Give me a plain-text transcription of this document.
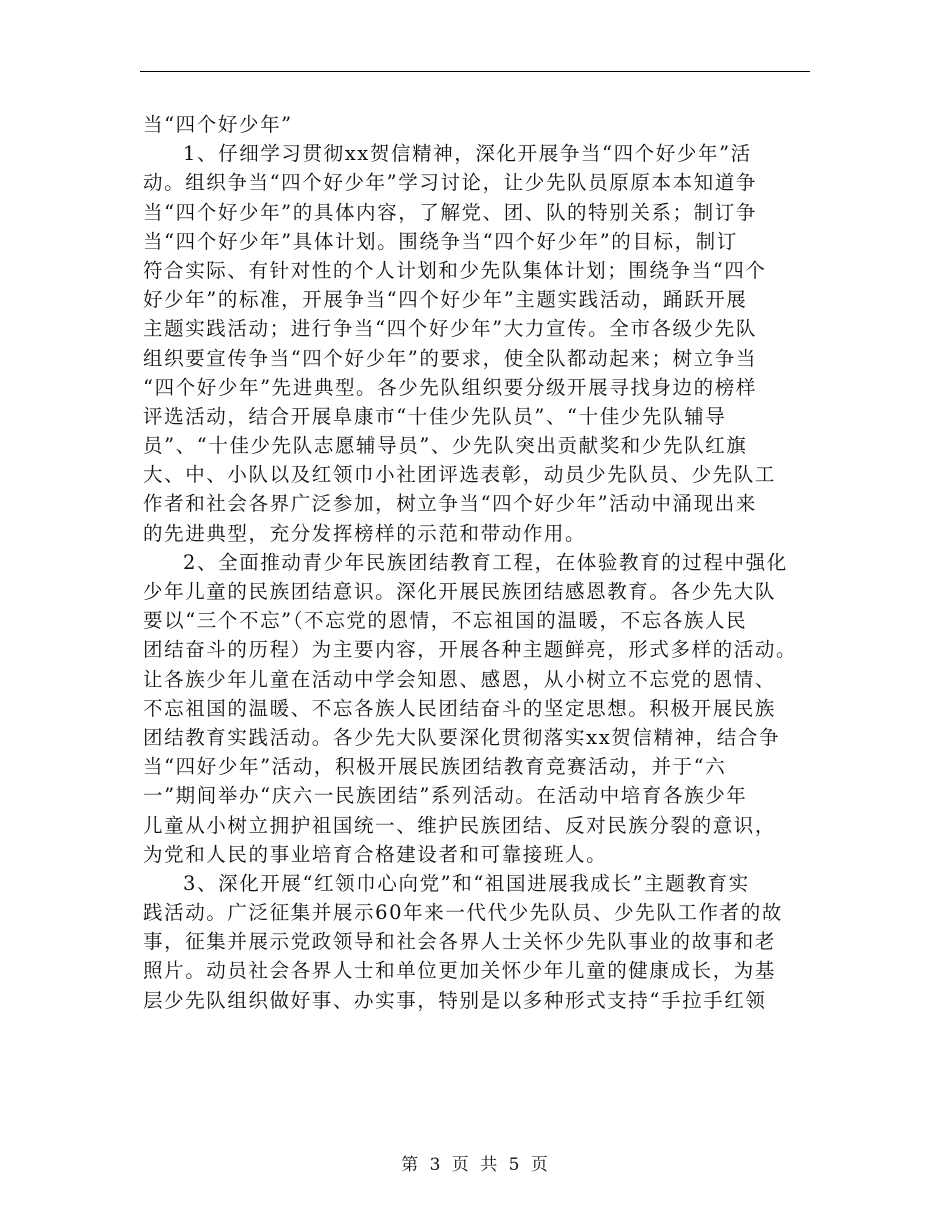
当“四个好少年”
1、仔细学习贯彻xx贺信精神，深化开展争当“四个好少年”活
动。组织争当“四个好少年”学习讨论，让少先队员原原本本知道争
当“四个好少年”的具体内容，了解党、团、队的特别关系；制订争
当“四个好少年”具体计划。围绕争当“四个好少年”的目标，制订
符合实际、有针对性的个人计划和少先队集体计划；围绕争当“四个
好少年”的标准，开展争当“四个好少年”主题实践活动，踊跃开展
主题实践活动；进行争当“四个好少年”大力宣传。全市各级少先队
组织要宣传争当“四个好少年”的要求，使全队都动起来；树立争当
“四个好少年”先进典型。各少先队组织要分级开展寻找身边的榜样
评选活动，结合开展阜康市“十佳少先队员”、“十佳少先队辅导
员”、“十佳少先队志愿辅导员”、少先队突出贡献奖和少先队红旗
大、中、小队以及红领巾小社团评选表彰，动员少先队员、少先队工
作者和社会各界广泛参加，树立争当“四个好少年”活动中涌现出来
的先进典型，充分发挥榜样的示范和带动作用。
2、全面推动青少年民族团结教育工程，在体验教育的过程中强化
少年儿童的民族团结意识。深化开展民族团结感恩教育。各少先大队
要以“三个不忘”（不忘党的恩情，不忘祖国的温暖，不忘各族人民
团结奋斗的历程）为主要内容，开展各种主题鲜亮，形式多样的活动。
让各族少年儿童在活动中学会知恩、感恩，从小树立不忘党的恩情、
不忘祖国的温暖、不忘各族人民团结奋斗的坚定思想。积极开展民族
团结教育实践活动。各少先大队要深化贯彻落实xx贺信精神，结合争
当“四好少年”活动，积极开展民族团结教育竞赛活动，并于“六
一”期间举办“庆六一民族团结”系列活动。在活动中培育各族少年
儿童从小树立拥护祖国统一、维护民族团结、反对民族分裂的意识，
为党和人民的事业培育合格建设者和可靠接班人。
3、深化开展“红领巾心向党”和“祖国进展我成长”主题教育实
践活动。广泛征集并展示60年来一代代少先队员、少先队工作者的故
事，征集并展示党政领导和社会各界人士关怀少先队事业的故事和老
照片。动员社会各界人士和单位更加关怀少年儿童的健康成长，为基
层少先队组织做好事、办实事，特别是以多种形式支持“手拉手红领
第 3 页 共 5 页
